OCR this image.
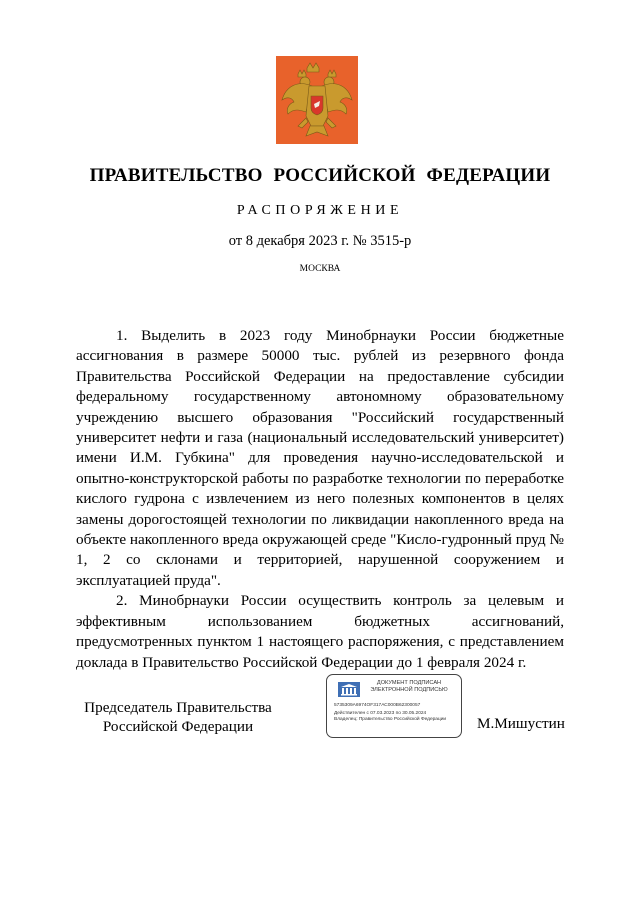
ПРАВИТЕЛЬСТВО РОССИЙСКОЙ ФЕДЕРАЦИИ
РАСПОРЯЖЕНИЕ
от 8 декабря 2023 г. № 3515-р
МОСКВА

1. Выделить в 2023 году Минобрнауки России бюджетные ассигнования в размере 50000 тыс. рублей из резервного фонда Правительства Российской Федерации на предоставление субсидии федеральному государственному автономному образовательному учреждению высшего образования "Российский государственный университет нефти и газа (национальный исследовательский университет) имени И.М. Губкина" для проведения научно-исследовательской и опытно-конструкторской работы по разработке технологии по переработке кислого гудрона с извлечением из него полезных компонентов в целях замены дорогостоящей технологии по ликвидации накопленного вреда на объекте накопленного вреда окружающей среде "Кисло-гудронный пруд № 1, 2 со склонами и территорией, нарушенной сооружением и эксплуатацией пруда".

2. Минобрнауки России осуществить контроль за целевым и эффективным использованием бюджетных ассигнований, предусмотренных пунктом 1 настоящего распоряжения, с представлением доклада в Правительство Российской Федерации до 1 февраля 2024 г.

Председатель Правительства
Российской Федерации
ДОКУМЕНТ ПОДПИСАН ЭЛЕКТРОННОЙ ПОДПИСЬЮ
5735309А6974ОF317АС000В62300057
Действителен с 07.03.2023 по 30.05.2024
Владелец: Правительство Российской Федерации	М.Мишустин
